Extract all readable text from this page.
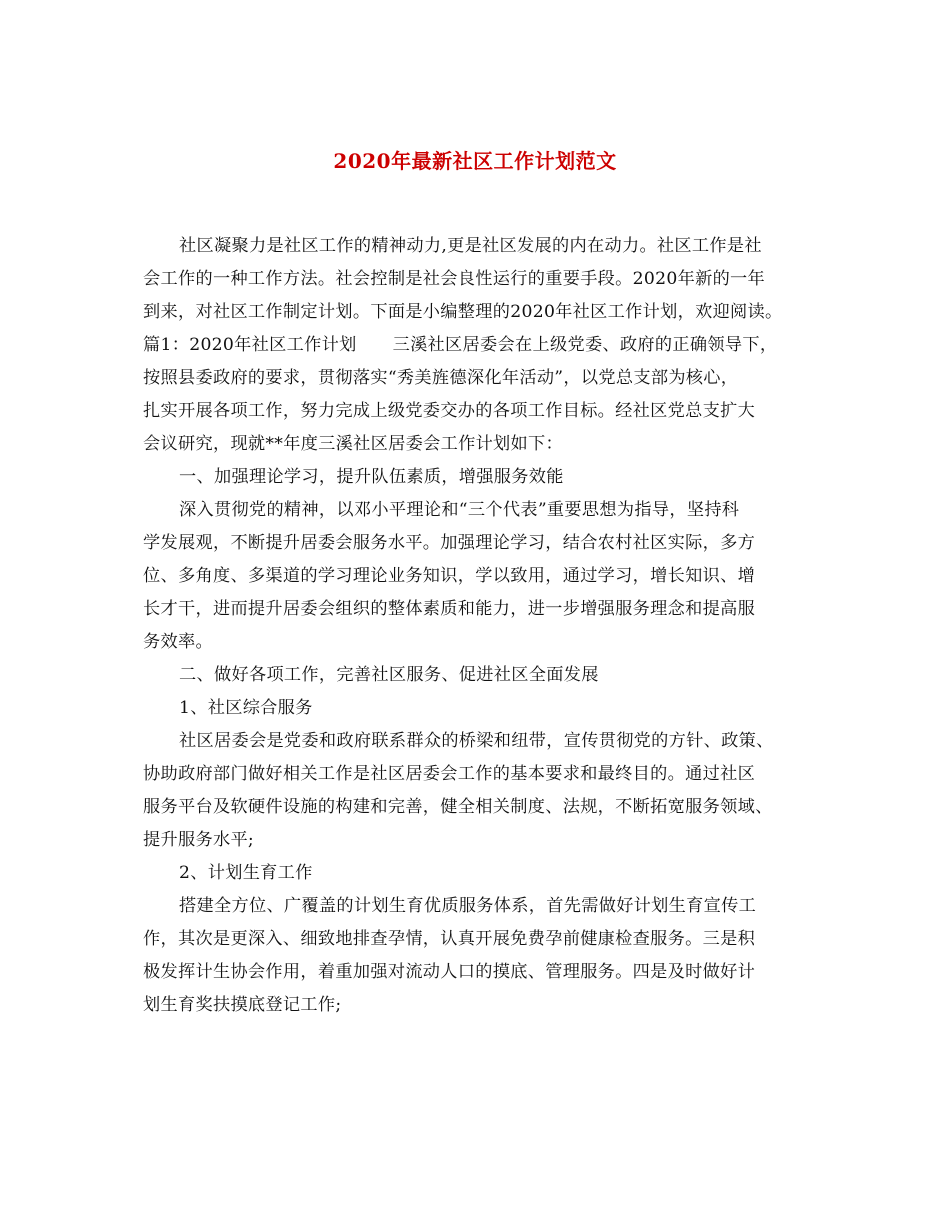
2020年最新社区工作计划范文
社区凝聚力是社区工作的精神动力,更是社区发展的内在动力。社区工作是社
会工作的一种工作方法。社会控制是社会良性运行的重要手段。2020年新的一年
到来，对社区工作制定计划。下面是小编整理的2020年社区工作计划，欢迎阅读。
篇1：2020年社区工作计划 三溪社区居委会在上级党委、政府的正确领导下，
按照县委政府的要求，贯彻落实“秀美旌德深化年活动”，以党总支部为核心，
扎实开展各项工作，努力完成上级党委交办的各项工作目标。经社区党总支扩大
会议研究，现就**年度三溪社区居委会工作计划如下：
一、加强理论学习，提升队伍素质，增强服务效能
深入贯彻党的精神，以邓小平理论和“三个代表”重要思想为指导，坚持科
学发展观，不断提升居委会服务水平。加强理论学习，结合农村社区实际，多方
位、多角度、多渠道的学习理论业务知识，学以致用，通过学习，增长知识、增
长才干，进而提升居委会组织的整体素质和能力，进一步增强服务理念和提高服
务效率。
二、做好各项工作，完善社区服务、促进社区全面发展
1、社区综合服务
社区居委会是党委和政府联系群众的桥梁和纽带，宣传贯彻党的方针、政策、
协助政府部门做好相关工作是社区居委会工作的基本要求和最终目的。通过社区
服务平台及软硬件设施的构建和完善，健全相关制度、法规，不断拓宽服务领域、
提升服务水平;
2、计划生育工作
搭建全方位、广覆盖的计划生育优质服务体系，首先需做好计划生育宣传工
作，其次是更深入、细致地排查孕情，认真开展免费孕前健康检查服务。三是积
极发挥计生协会作用，着重加强对流动人口的摸底、管理服务。四是及时做好计
划生育奖扶摸底登记工作;
